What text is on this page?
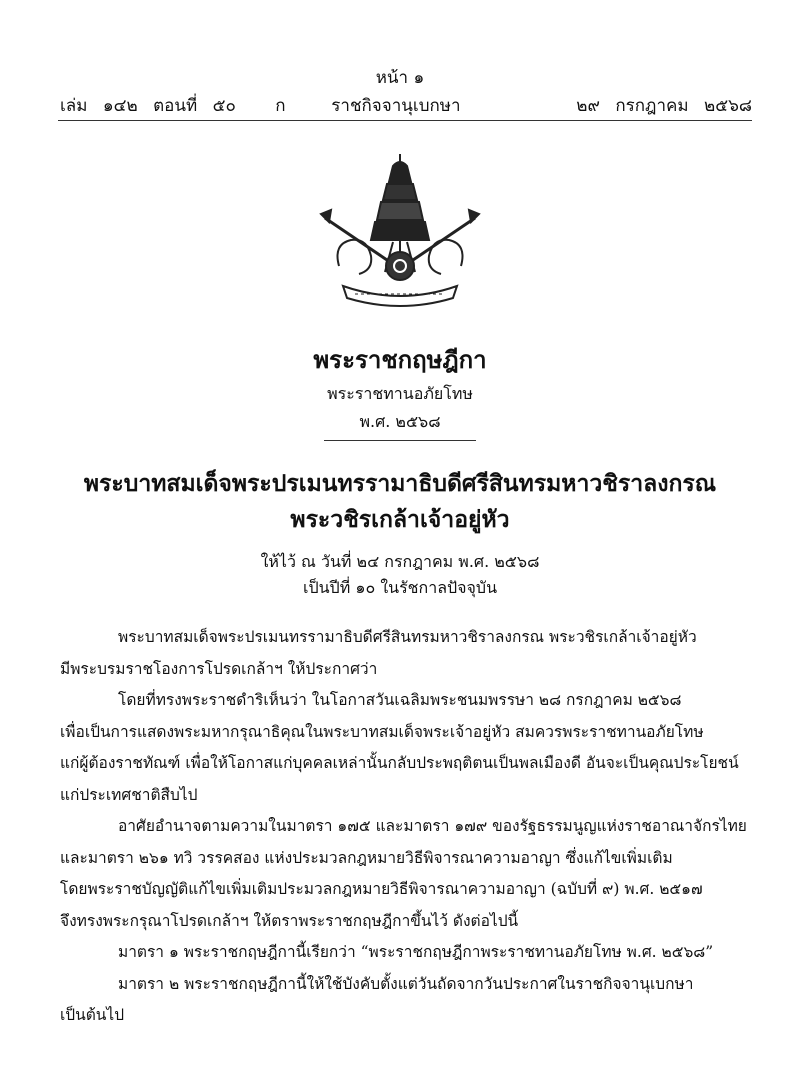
หน้า ๑
เล่ม ๑๔๒ ตอนที่ ๕๐ ก	ราชกิจจานุเบกษา	๒๙ กรกฎาคม ๒๕๖๘
พระราชกฤษฎีกา
พระราชทานอภัยโทษ
พ.ศ. ๒๕๖๘
พระบาทสมเด็จพระปรเมนทรรามาธิบดีศรีสินทรมหาวชิราลงกรณ
พระวชิรเกล้าเจ้าอยู่หัว
ให้ไว้ ณ วันที่ ๒๔ กรกฎาคม พ.ศ. ๒๕๖๘
เป็นปีที่ ๑๐ ในรัชกาลปัจจุบัน
พระบาทสมเด็จพระปรเมนทรรามาธิบดีศรีสินทรมหาวชิราลงกรณ พระวชิรเกล้าเจ้าอยู่หัว
มีพระบรมราชโองการโปรดเกล้าฯ ให้ประกาศว่า
โดยที่ทรงพระราชดำริเห็นว่า ในโอกาสวันเฉลิมพระชนมพรรษา ๒๘ กรกฎาคม ๒๕๖๘
เพื่อเป็นการแสดงพระมหากรุณาธิคุณในพระบาทสมเด็จพระเจ้าอยู่หัว สมควรพระราชทานอภัยโทษ
แก่ผู้ต้องราชทัณฑ์ เพื่อให้โอกาสแก่บุคคลเหล่านั้นกลับประพฤติตนเป็นพลเมืองดี อันจะเป็นคุณประโยชน์
แก่ประเทศชาติสืบไป
อาศัยอำนาจตามความในมาตรา ๑๗๕ และมาตรา ๑๗๙ ของรัฐธรรมนูญแห่งราชอาณาจักรไทย
และมาตรา ๒๖๑ ทวิ วรรคสอง แห่งประมวลกฎหมายวิธีพิจารณาความอาญา ซึ่งแก้ไขเพิ่มเติม
โดยพระราชบัญญัติแก้ไขเพิ่มเติมประมวลกฎหมายวิธีพิจารณาความอาญา (ฉบับที่ ๙) พ.ศ. ๒๕๑๗
จึงทรงพระกรุณาโปรดเกล้าฯ ให้ตราพระราชกฤษฎีกาขึ้นไว้ ดังต่อไปนี้
มาตรา ๑ พระราชกฤษฎีกานี้เรียกว่า “พระราชกฤษฎีกาพระราชทานอภัยโทษ พ.ศ. ๒๕๖๘”
มาตรา ๒ พระราชกฤษฎีกานี้ให้ใช้บังคับตั้งแต่วันถัดจากวันประกาศในราชกิจจานุเบกษา
เป็นต้นไป
